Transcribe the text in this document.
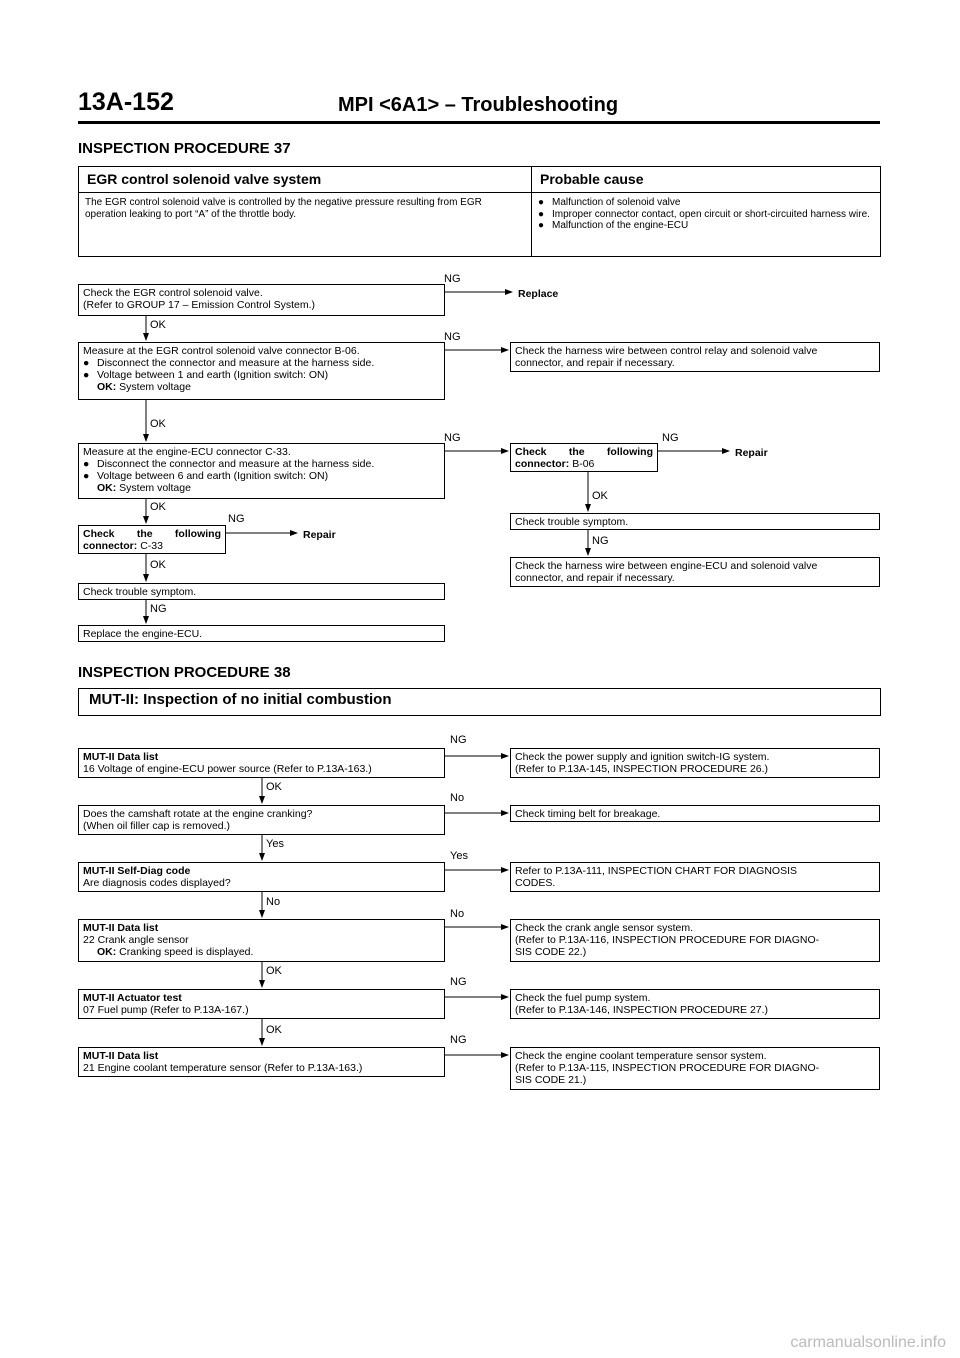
13A-152	MPI <6A1> – Troubleshooting
INSPECTION PROCEDURE 37
EGR control solenoid valve system	Probable cause
The EGR control solenoid valve is controlled by the negative pressure resulting from EGR operation leaking to port “A” of the throttle body.
● Malfunction of solenoid valve
● Improper connector contact, open circuit or short-circuited harness wire.
● Malfunction of the engine-ECU
Check the EGR control solenoid valve.
(Refer to GROUP 17 – Emission Control System.)
Replace
Measure at the EGR control solenoid valve connector B-06.
● Disconnect the connector and measure at the harness side.
● Voltage between 1 and earth (Ignition switch: ON)
OK: System voltage
Check the harness wire between control relay and solenoid valve
connector, and repair if necessary.
Measure at the engine-ECU connector C-33.
● Disconnect the connector and measure at the harness side.
● Voltage between 6 and earth (Ignition switch: ON)
OK: System voltage
Check the following
connector: B-06
Repair
Check the following
connector: C-33
Repair
Check trouble symptom.
Check the harness wire between engine-ECU and solenoid valve
connector, and repair if necessary.
Check trouble symptom.
Replace the engine-ECU.
NG
OK
NG
OK
NG	NG
OK
NG
OK
OK
NG
NG
INSPECTION PROCEDURE 38
MUT-II: Inspection of no initial combustion
MUT-II Data list
16 Voltage of engine-ECU power source (Refer to P.13A-163.)
Check the power supply and ignition switch-IG system.
(Refer to P.13A-145, INSPECTION PROCEDURE 26.)
Does the camshaft rotate at the engine cranking?
(When oil filler cap is removed.)
Check timing belt for breakage.
MUT-II Self-Diag code
Are diagnosis codes displayed?
Refer to P.13A-111, INSPECTION CHART FOR DIAGNOSIS
CODES.
MUT-II Data list
22 Crank angle sensor
OK: Cranking speed is displayed.
Check the crank angle sensor system.
(Refer to P.13A-116, INSPECTION PROCEDURE FOR DIAGNO-
SIS CODE 22.)
MUT-II Actuator test
07 Fuel pump (Refer to P.13A-167.)
Check the fuel pump system.
(Refer to P.13A-146, INSPECTION PROCEDURE 27.)
MUT-II Data list
21 Engine coolant temperature sensor (Refer to P.13A-163.)
Check the engine coolant temperature sensor system.
(Refer to P.13A-115, INSPECTION PROCEDURE FOR DIAGNO-
SIS CODE 21.)
NG
OK
No
Yes
Yes
No
No
OK
NG
OK
NG
carmanualsonline.info
